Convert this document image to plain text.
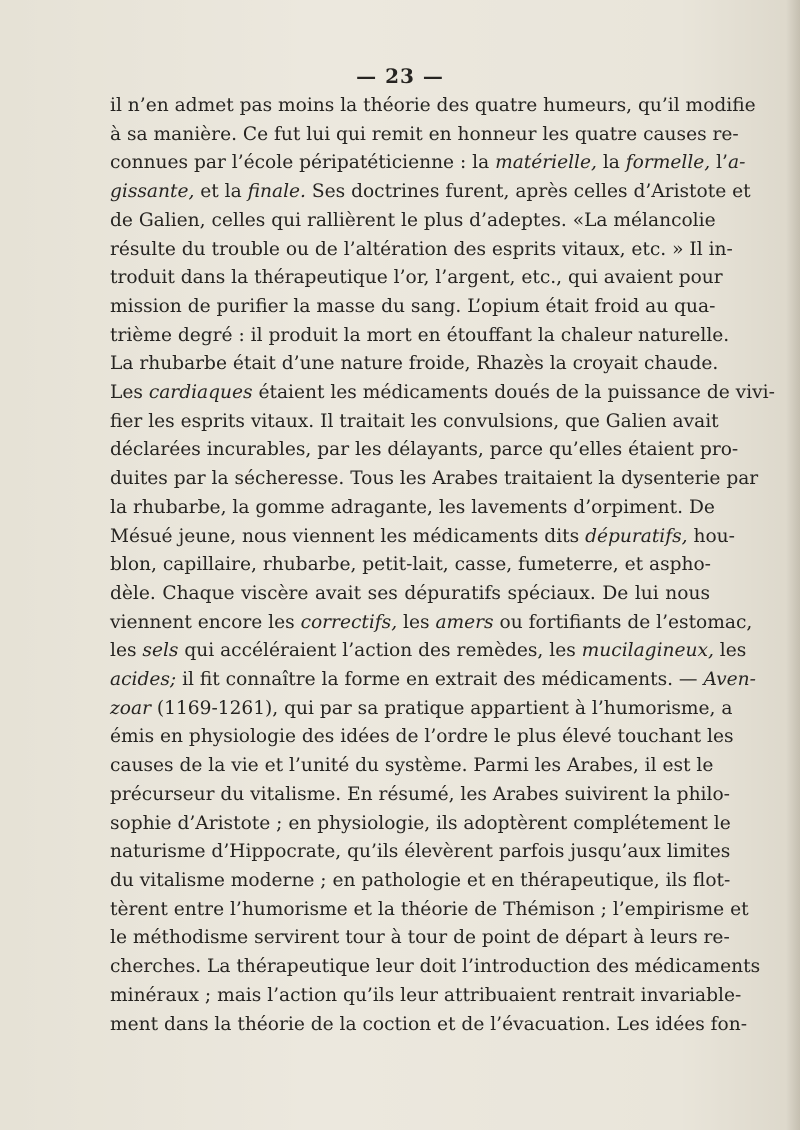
— 23 —
il n’en admet pas moins la théorie des quatre humeurs, qu’il modifie
à sa manière. Ce fut lui qui remit en honneur les quatre causes re-
connues par l’école péripatéticienne : la matérielle, la formelle, l’a-
gissante, et la finale. Ses doctrines furent, après celles d’Aristote et
de Galien, celles qui rallièrent le plus d’adeptes. «La mélancolie
résulte du trouble ou de l’altération des esprits vitaux, etc. » Il in-
troduit dans la thérapeutique l’or, l’argent, etc., qui avaient pour
mission de purifier la masse du sang. L’opium était froid au qua-
trième degré : il produit la mort en étouffant la chaleur naturelle.
La rhubarbe était d’une nature froide, Rhazès la croyait chaude.
Les cardiaques étaient les médicaments doués de la puissance de vivi-
fier les esprits vitaux. Il traitait les convulsions, que Galien avait
déclarées incurables, par les délayants, parce qu’elles étaient pro-
duites par la sécheresse. Tous les Arabes traitaient la dysenterie par
la rhubarbe, la gomme adragante, les lavements d’orpiment. De
Mésué jeune, nous viennent les médicaments dits dépuratifs, hou-
blon, capillaire, rhubarbe, petit-lait, casse, fumeterre, et aspho-
dèle. Chaque viscère avait ses dépuratifs spéciaux. De lui nous
viennent encore les correctifs, les amers ou fortifiants de l’estomac,
les sels qui accéléraient l’action des remèdes, les mucilagineux, les
acides; il fit connaître la forme en extrait des médicaments. — Aven-
zoar (1169-1261), qui par sa pratique appartient à l’humorisme, a
émis en physiologie des idées de l’ordre le plus élevé touchant les
causes de la vie et l’unité du système. Parmi les Arabes, il est le
précurseur du vitalisme. En résumé, les Arabes suivirent la philo-
sophie d’Aristote ; en physiologie, ils adoptèrent complétement le
naturisme d’Hippocrate, qu’ils élevèrent parfois jusqu’aux limites
du vitalisme moderne ; en pathologie et en thérapeutique, ils flot-
tèrent entre l’humorisme et la théorie de Thémison ; l’empirisme et
le méthodisme servirent tour à tour de point de départ à leurs re-
cherches. La thérapeutique leur doit l’introduction des médicaments
minéraux ; mais l’action qu’ils leur attribuaient rentrait invariable-
ment dans la théorie de la coction et de l’évacuation. Les idées fon-
